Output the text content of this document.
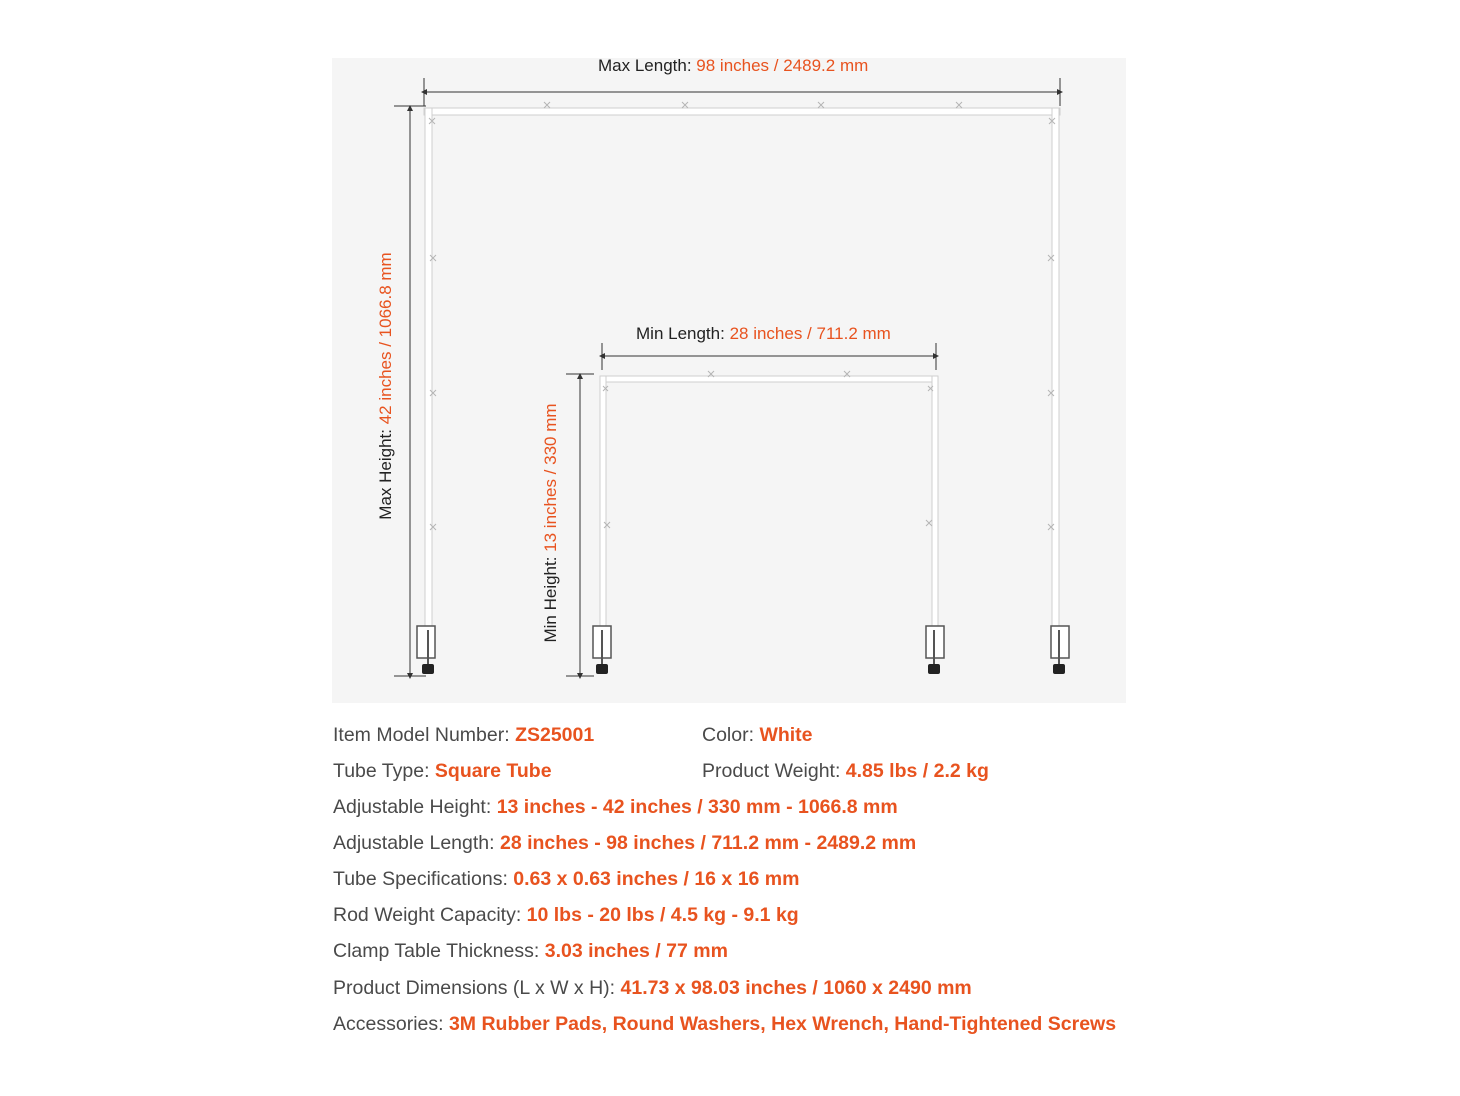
Max Length: 98 inches / 2489.2 mm
Max Height: 42 inches / 1066.8 mm	Min Length: 28 inches / 711.2 mm
Min Height: 13 inches / 330 mm
Item Model Number: ZS25001	Color: White
Tube Type: Square Tube	Product Weight: 4.85 lbs / 2.2 kg
Adjustable Height: 13 inches - 42 inches / 330 mm - 1066.8 mm
Adjustable Length: 28 inches - 98 inches / 711.2 mm - 2489.2 mm
Tube Specifications: 0.63 x 0.63 inches / 16 x 16 mm
Rod Weight Capacity: 10 lbs - 20 lbs / 4.5 kg - 9.1 kg
Clamp Table Thickness: 3.03 inches / 77 mm
Product Dimensions (L x W x H): 41.73 x 98.03 inches / 1060 x 2490 mm
Accessories: 3M Rubber Pads, Round Washers, Hex Wrench, Hand-Tightened Screws
